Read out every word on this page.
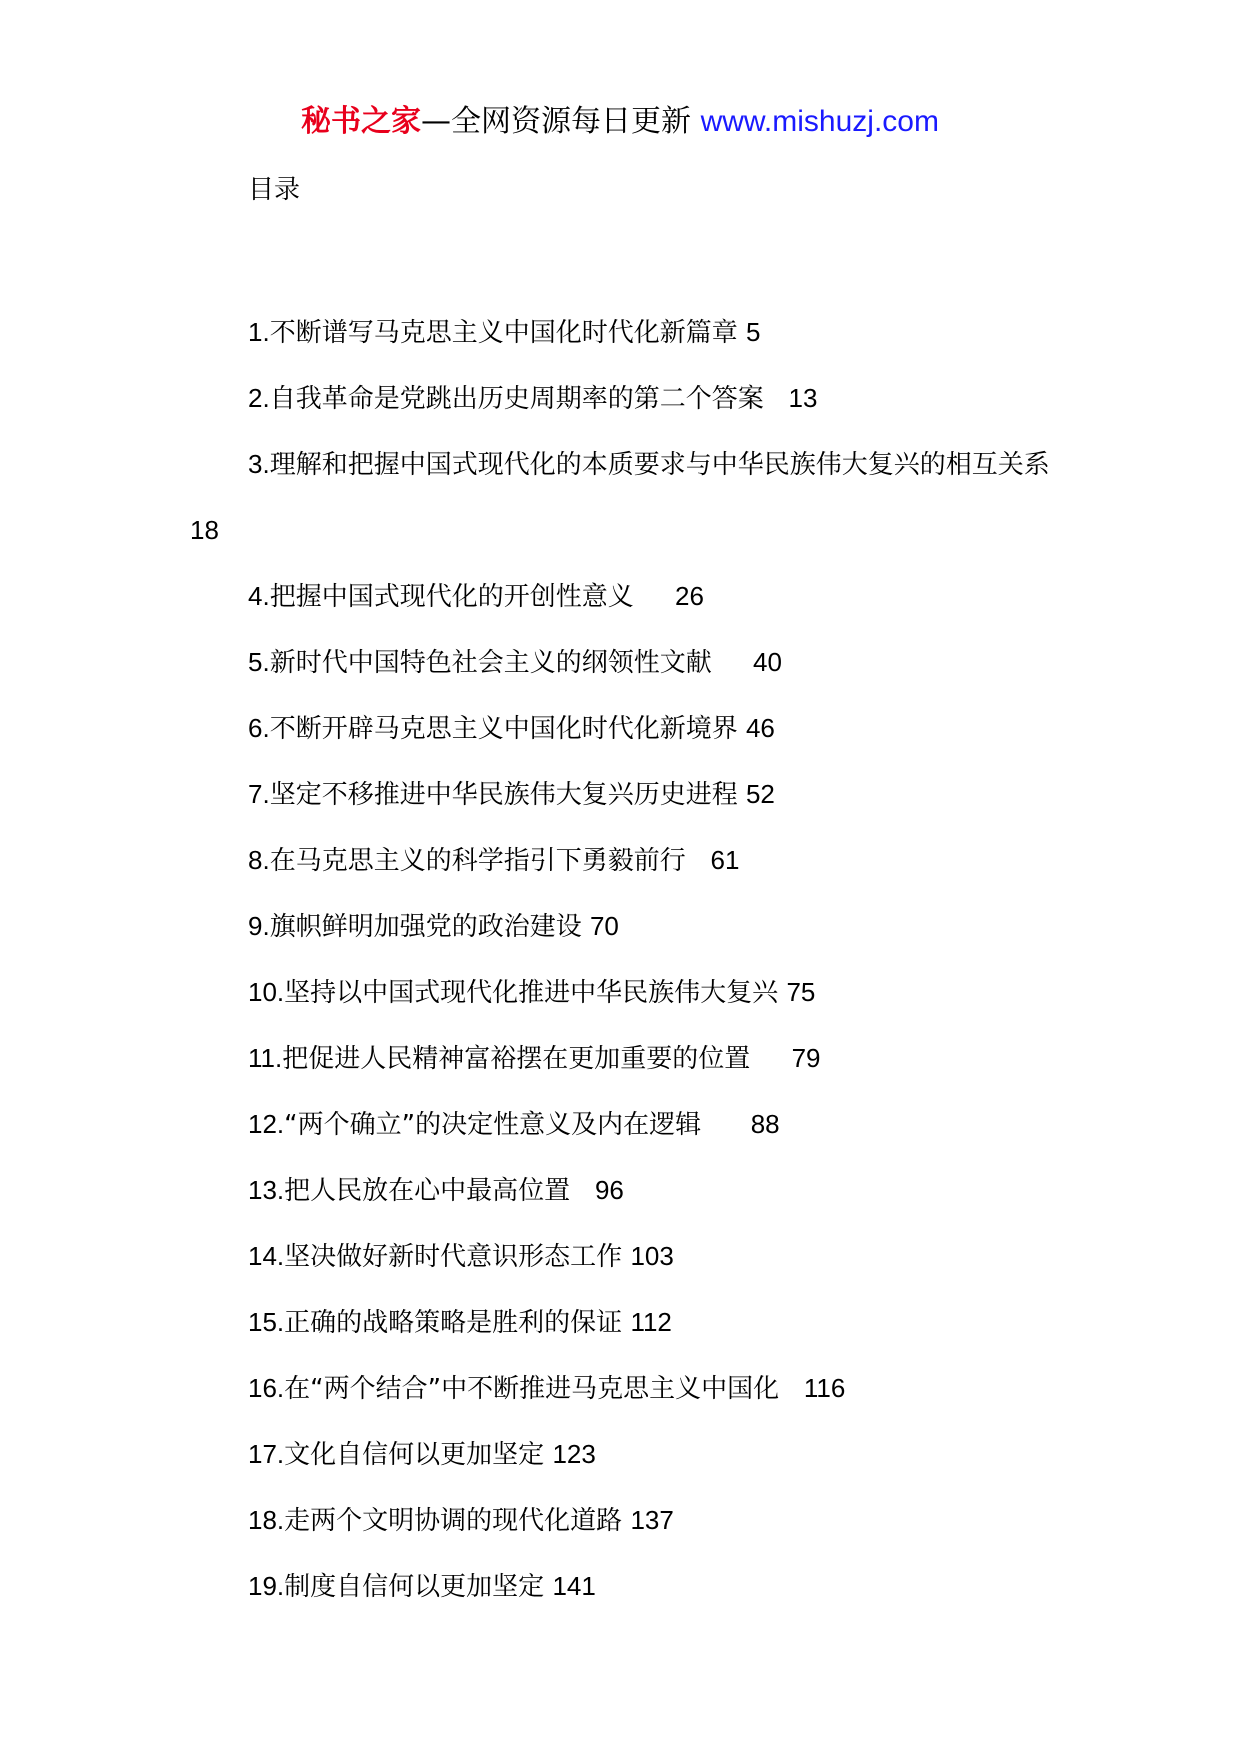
秘书之家—全网资源每日更新 www.mishuzj.com
目录
1.不断谱写马克思主义中国化时代化新篇章 5
2.自我革命是党跳出历史周期率的第二个答案 13
3.理解和把握中国式现代化的本质要求与中华民族伟大复兴的相互关系  18
4.把握中国式现代化的开创性意义 26
5.新时代中国特色社会主义的纲领性文献 40
6.不断开辟马克思主义中国化时代化新境界 46
7.坚定不移推进中华民族伟大复兴历史进程 52
8.在马克思主义的科学指引下勇毅前行 61
9.旗帜鲜明加强党的政治建设 70
10.坚持以中国式现代化推进中华民族伟大复兴 75
11.把促进人民精神富裕摆在更加重要的位置 79
12.“两个确立”的决定性意义及内在逻辑 88
13.把人民放在心中最高位置 96
14.坚决做好新时代意识形态工作 103
15.正确的战略策略是胜利的保证 112
16.在“两个结合”中不断推进马克思主义中国化 116
17.文化自信何以更加坚定 123
18.走两个文明协调的现代化道路 137
19.制度自信何以更加坚定 141
